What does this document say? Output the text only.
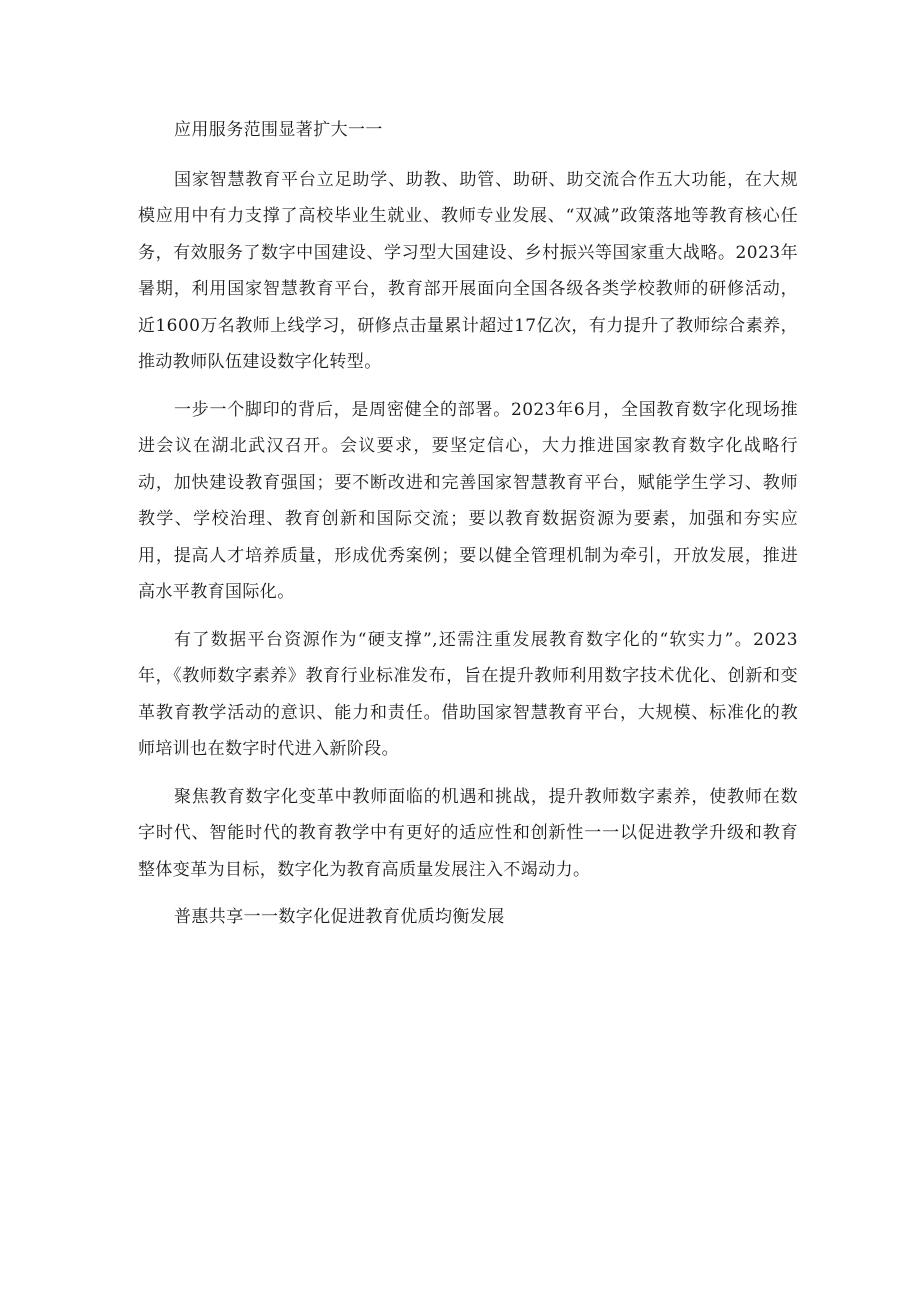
应用服务范围显著扩大一一

国家智慧教育平台立足助学、助教、助管、助研、助交流合作五大功能，在大规模应用中有力支撑了高校毕业生就业、教师专业发展、“双减”政策落地等教育核心任务，有效服务了数字中国建设、学习型大国建设、乡村振兴等国家重大战略。2023年暑期，利用国家智慧教育平台，教育部开展面向全国各级各类学校教师的研修活动，近1600万名教师上线学习，研修点击量累计超过17亿次，有力提升了教师综合素养，推动教师队伍建设数字化转型。

一步一个脚印的背后，是周密健全的部署。2023年6月，全国教育数字化现场推进会议在湖北武汉召开。会议要求，要坚定信心，大力推进国家教育数字化战略行动，加快建设教育强国；要不断改进和完善国家智慧教育平台，赋能学生学习、教师教学、学校治理、教育创新和国际交流；要以教育数据资源为要素，加强和夯实应用，提高人才培养质量，形成优秀案例；要以健全管理机制为牵引，开放发展，推进高水平教育国际化。

有了数据平台资源作为“硬支撑”,还需注重发展教育数字化的“软实力”。2023年，《教师数字素养》教育行业标准发布，旨在提升教师利用数字技术优化、创新和变革教育教学活动的意识、能力和责任。借助国家智慧教育平台，大规模、标准化的教师培训也在数字时代进入新阶段。

聚焦教育数字化变革中教师面临的机遇和挑战，提升教师数字素养，使教师在数字时代、智能时代的教育教学中有更好的适应性和创新性一一以促进教学升级和教育整体变革为目标，数字化为教育高质量发展注入不竭动力。

普惠共享一一数字化促进教育优质均衡发展
